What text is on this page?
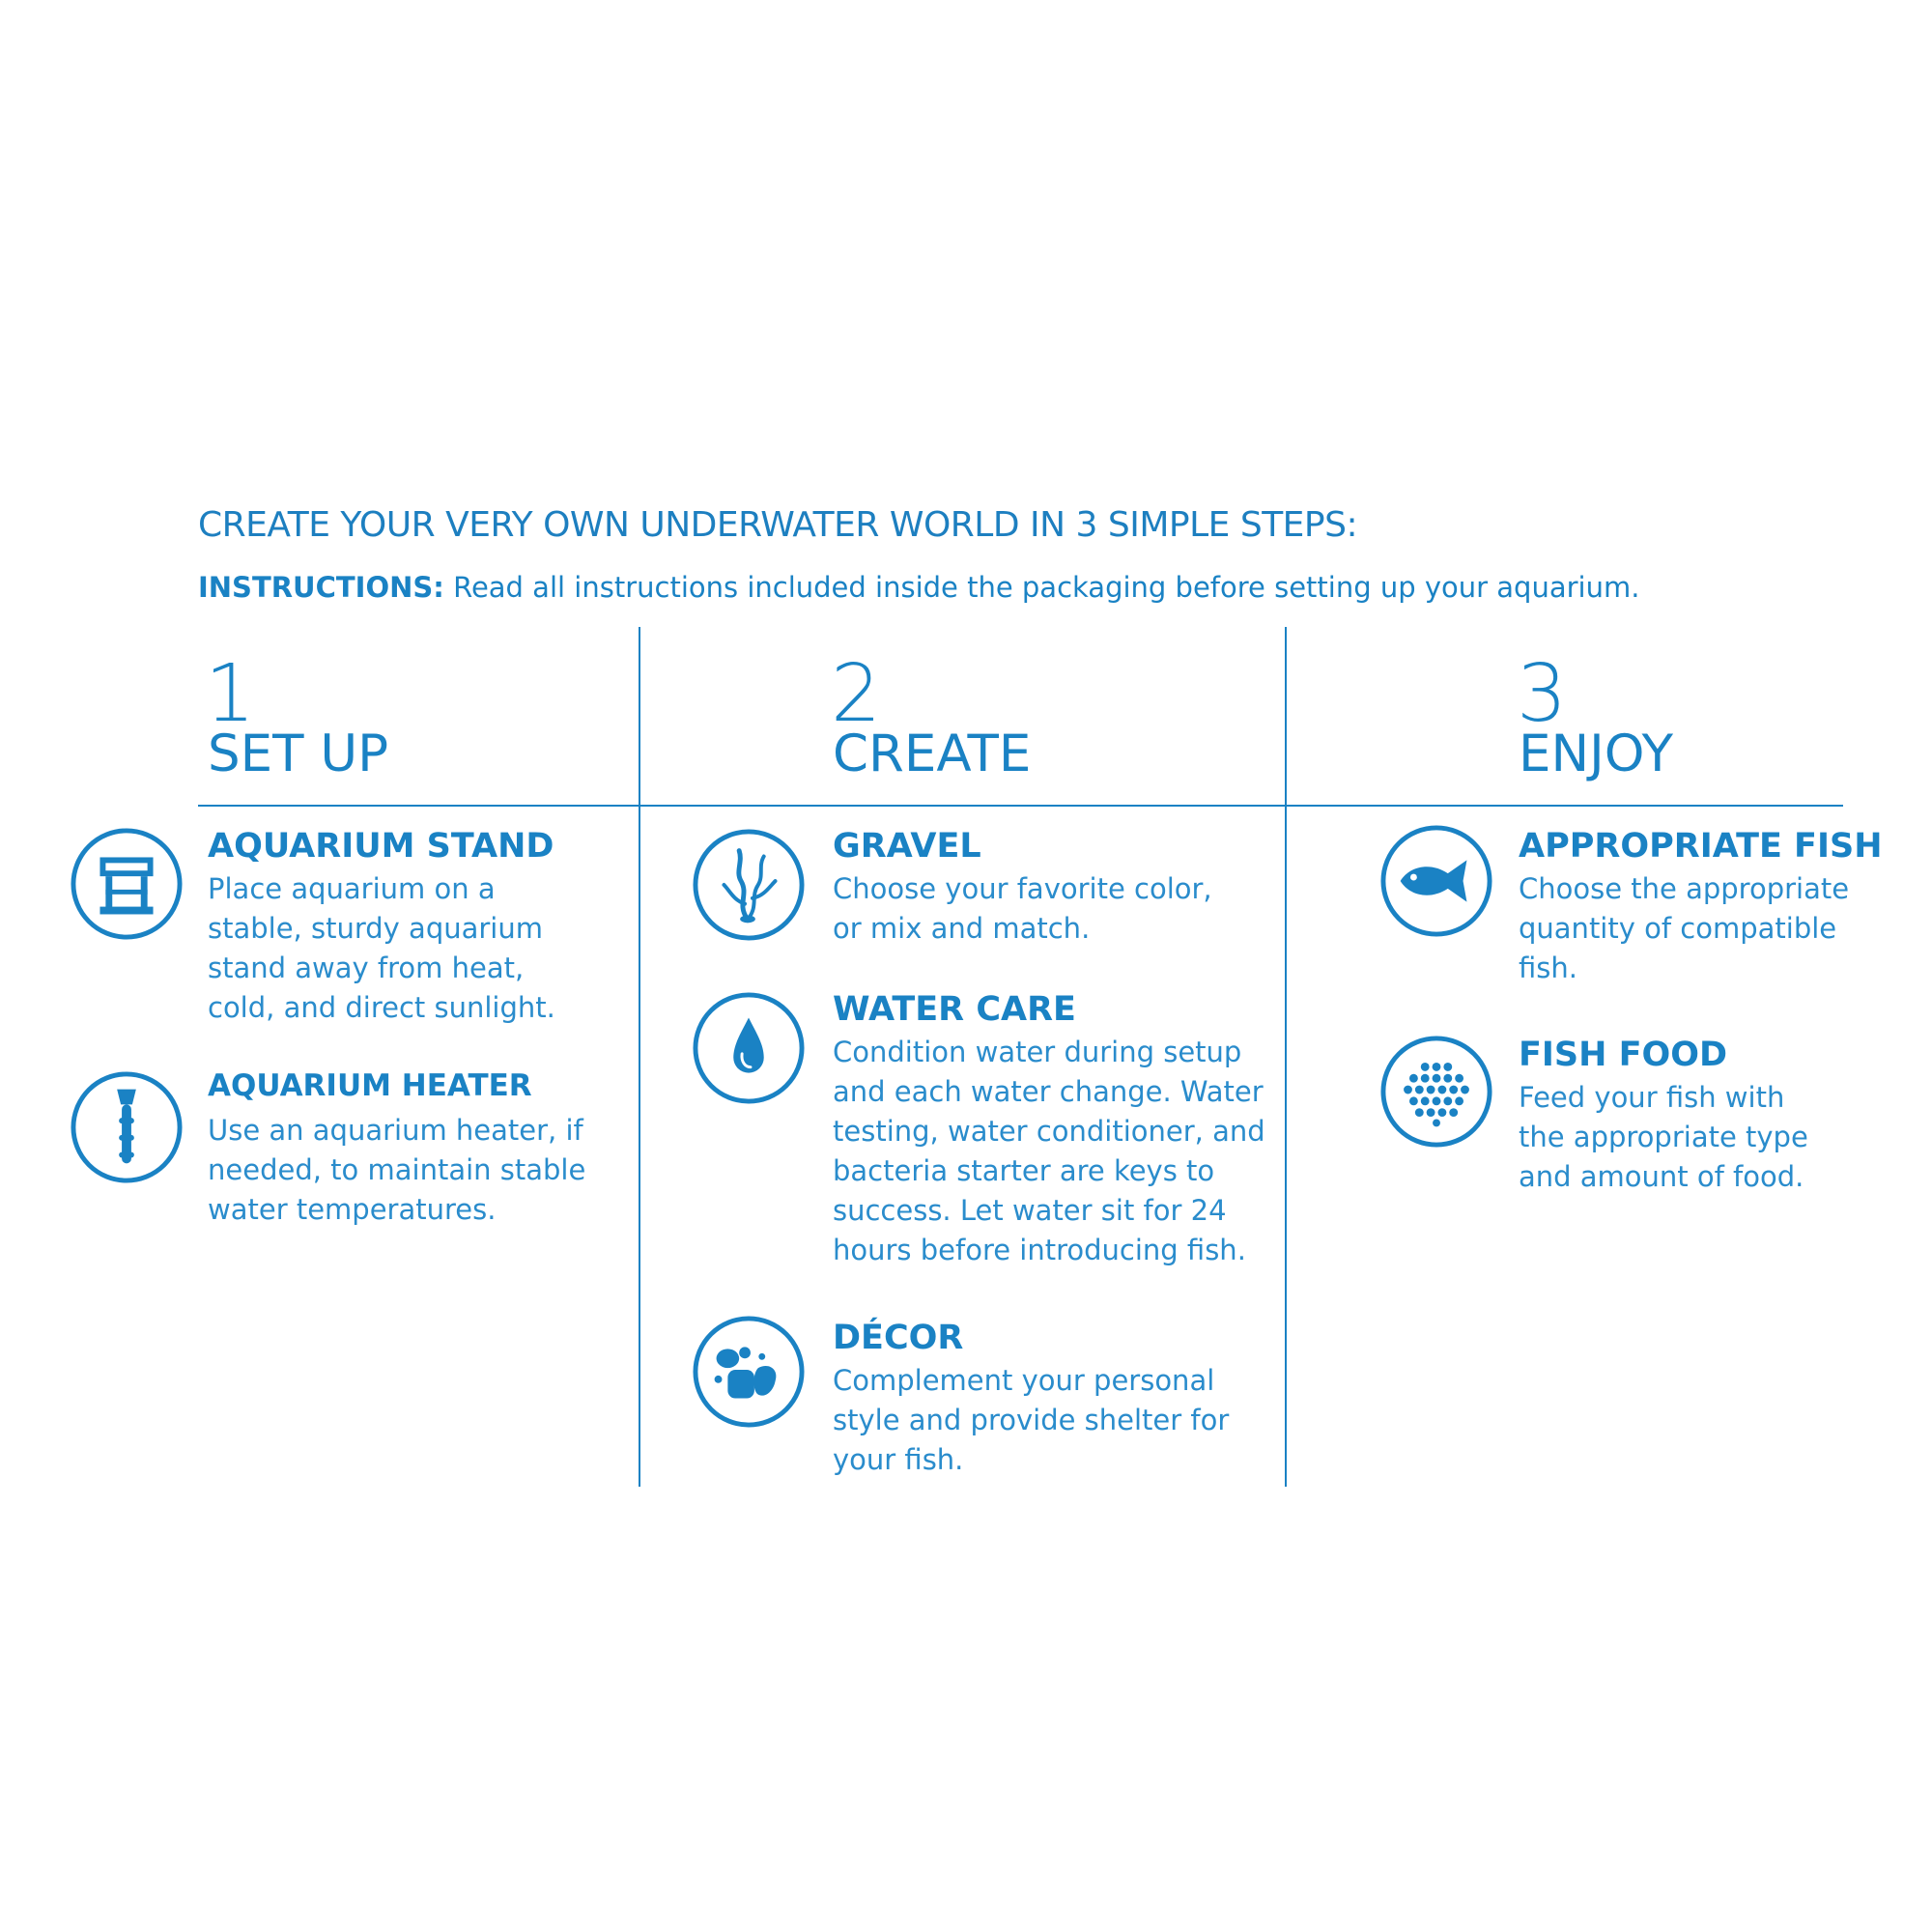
CREATE YOUR VERY OWN UNDERWATER WORLD IN 3 SIMPLE STEPS:
INSTRUCTIONS: Read all instructions included inside the packaging before setting up your aquarium.
1
SET UP
2
CREATE
3
ENJOY
AQUARIUM STAND
Place aquarium on a
stable, sturdy aquarium
stand away from heat,
cold, and direct sunlight.
AQUARIUM HEATER
Use an aquarium heater, if
needed, to maintain stable
water temperatures.
GRAVEL
Choose your favorite color,
or mix and match.
WATER CARE
Condition water during setup
and each water change. Water
testing, water conditioner, and
bacteria starter are keys to
success. Let water sit for 24
hours before introducing fish.
DÉCOR
Complement your personal
style and provide shelter for
your fish.
APPROPRIATE FISH
Choose the appropriate
quantity of compatible
fish.
FISH FOOD
Feed your fish with
the appropriate type
and amount of food.
